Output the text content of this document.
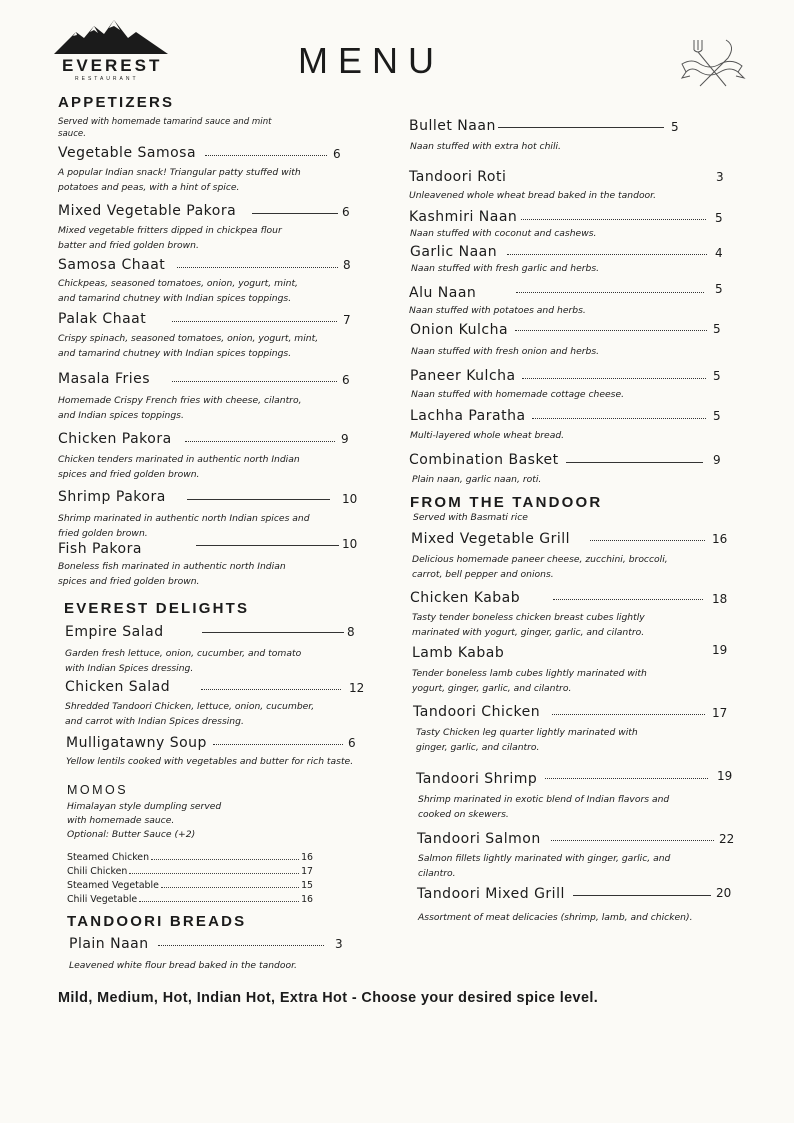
EVEREST
RESTAURANT	MENU
APPETIZERS
Served with homemade tamarind sauce and mint
sauce.
Vegetable Samosa	6
A popular Indian snack! Triangular patty stuffed with
potatoes and peas, with a hint of spice.
Mixed Vegetable Pakora	6
Mixed vegetable fritters dipped in chickpea flour
batter and fried golden brown.
Samosa Chaat	8
Chickpeas, seasoned tomatoes, onion, yogurt, mint,
and tamarind chutney with Indian spices toppings.
Palak Chaat	7
Crispy spinach, seasoned tomatoes, onion, yogurt, mint,
and tamarind chutney with Indian spices toppings.
Masala Fries	6
Homemade Crispy French fries with cheese, cilantro,
and Indian spices toppings.
Chicken Pakora	9
Chicken tenders marinated in authentic north Indian
spices and fried golden brown.
Shrimp Pakora	10
Shrimp marinated in authentic north Indian spices and
fried golden brown.
Fish Pakora	10
Boneless fish marinated in authentic north Indian
spices and fried golden brown.
EVEREST DELIGHTS
Empire Salad	8
Garden fresh lettuce, onion, cucumber, and tomato
with Indian Spices dressing.
Chicken Salad	12
Shredded Tandoori Chicken, lettuce, onion, cucumber,
and carrot with Indian Spices dressing.
Mulligatawny Soup	6
Yellow lentils cooked with vegetables and butter for rich taste.
MOMOS
Himalayan style dumpling served
with homemade sauce.
Optional: Butter Sauce (+2)
Steamed Chicken	16
Chili Chicken	17
Steamed Vegetable	15
Chili Vegetable	16
TANDOORI BREADS
Plain Naan	3
Leavened white flour bread baked in the tandoor.
Bullet Naan	5
Naan stuffed with extra hot chili.
Tandoori Roti	3
Unleavened whole wheat bread baked in the tandoor.
Kashmiri Naan	5
Naan stuffed with coconut and cashews.
Garlic Naan	4
Naan stuffed with fresh garlic and herbs.
Alu Naan	5
Naan stuffed with potatoes and herbs.
Onion Kulcha	5
Naan stuffed with fresh onion and herbs.
Paneer Kulcha	5
Naan stuffed with homemade cottage cheese.
Lachha Paratha	5
Multi-layered whole wheat bread.
Combination Basket	9
Plain naan, garlic naan, roti.
FROM THE TANDOOR
Served with Basmati rice
Mixed Vegetable Grill	16
Delicious homemade paneer cheese, zucchini, broccoli,
carrot, bell pepper and onions.
Chicken Kabab	18
Tasty tender boneless chicken breast cubes lightly
marinated with yogurt, ginger, garlic, and cilantro.
Lamb Kabab	19
Tender boneless lamb cubes lightly marinated with
yogurt, ginger, garlic, and cilantro.
Tandoori Chicken	17
Tasty Chicken leg quarter lightly marinated with
ginger, garlic, and cilantro.
Tandoori Shrimp	19
Shrimp marinated in exotic blend of Indian flavors and
cooked on skewers.
Tandoori Salmon	22
Salmon fillets lightly marinated with ginger, garlic, and
cilantro.
Tandoori Mixed Grill	20
Assortment of meat delicacies (shrimp, lamb, and chicken).
Mild, Medium, Hot, Indian Hot, Extra Hot - Choose your desired spice level.
